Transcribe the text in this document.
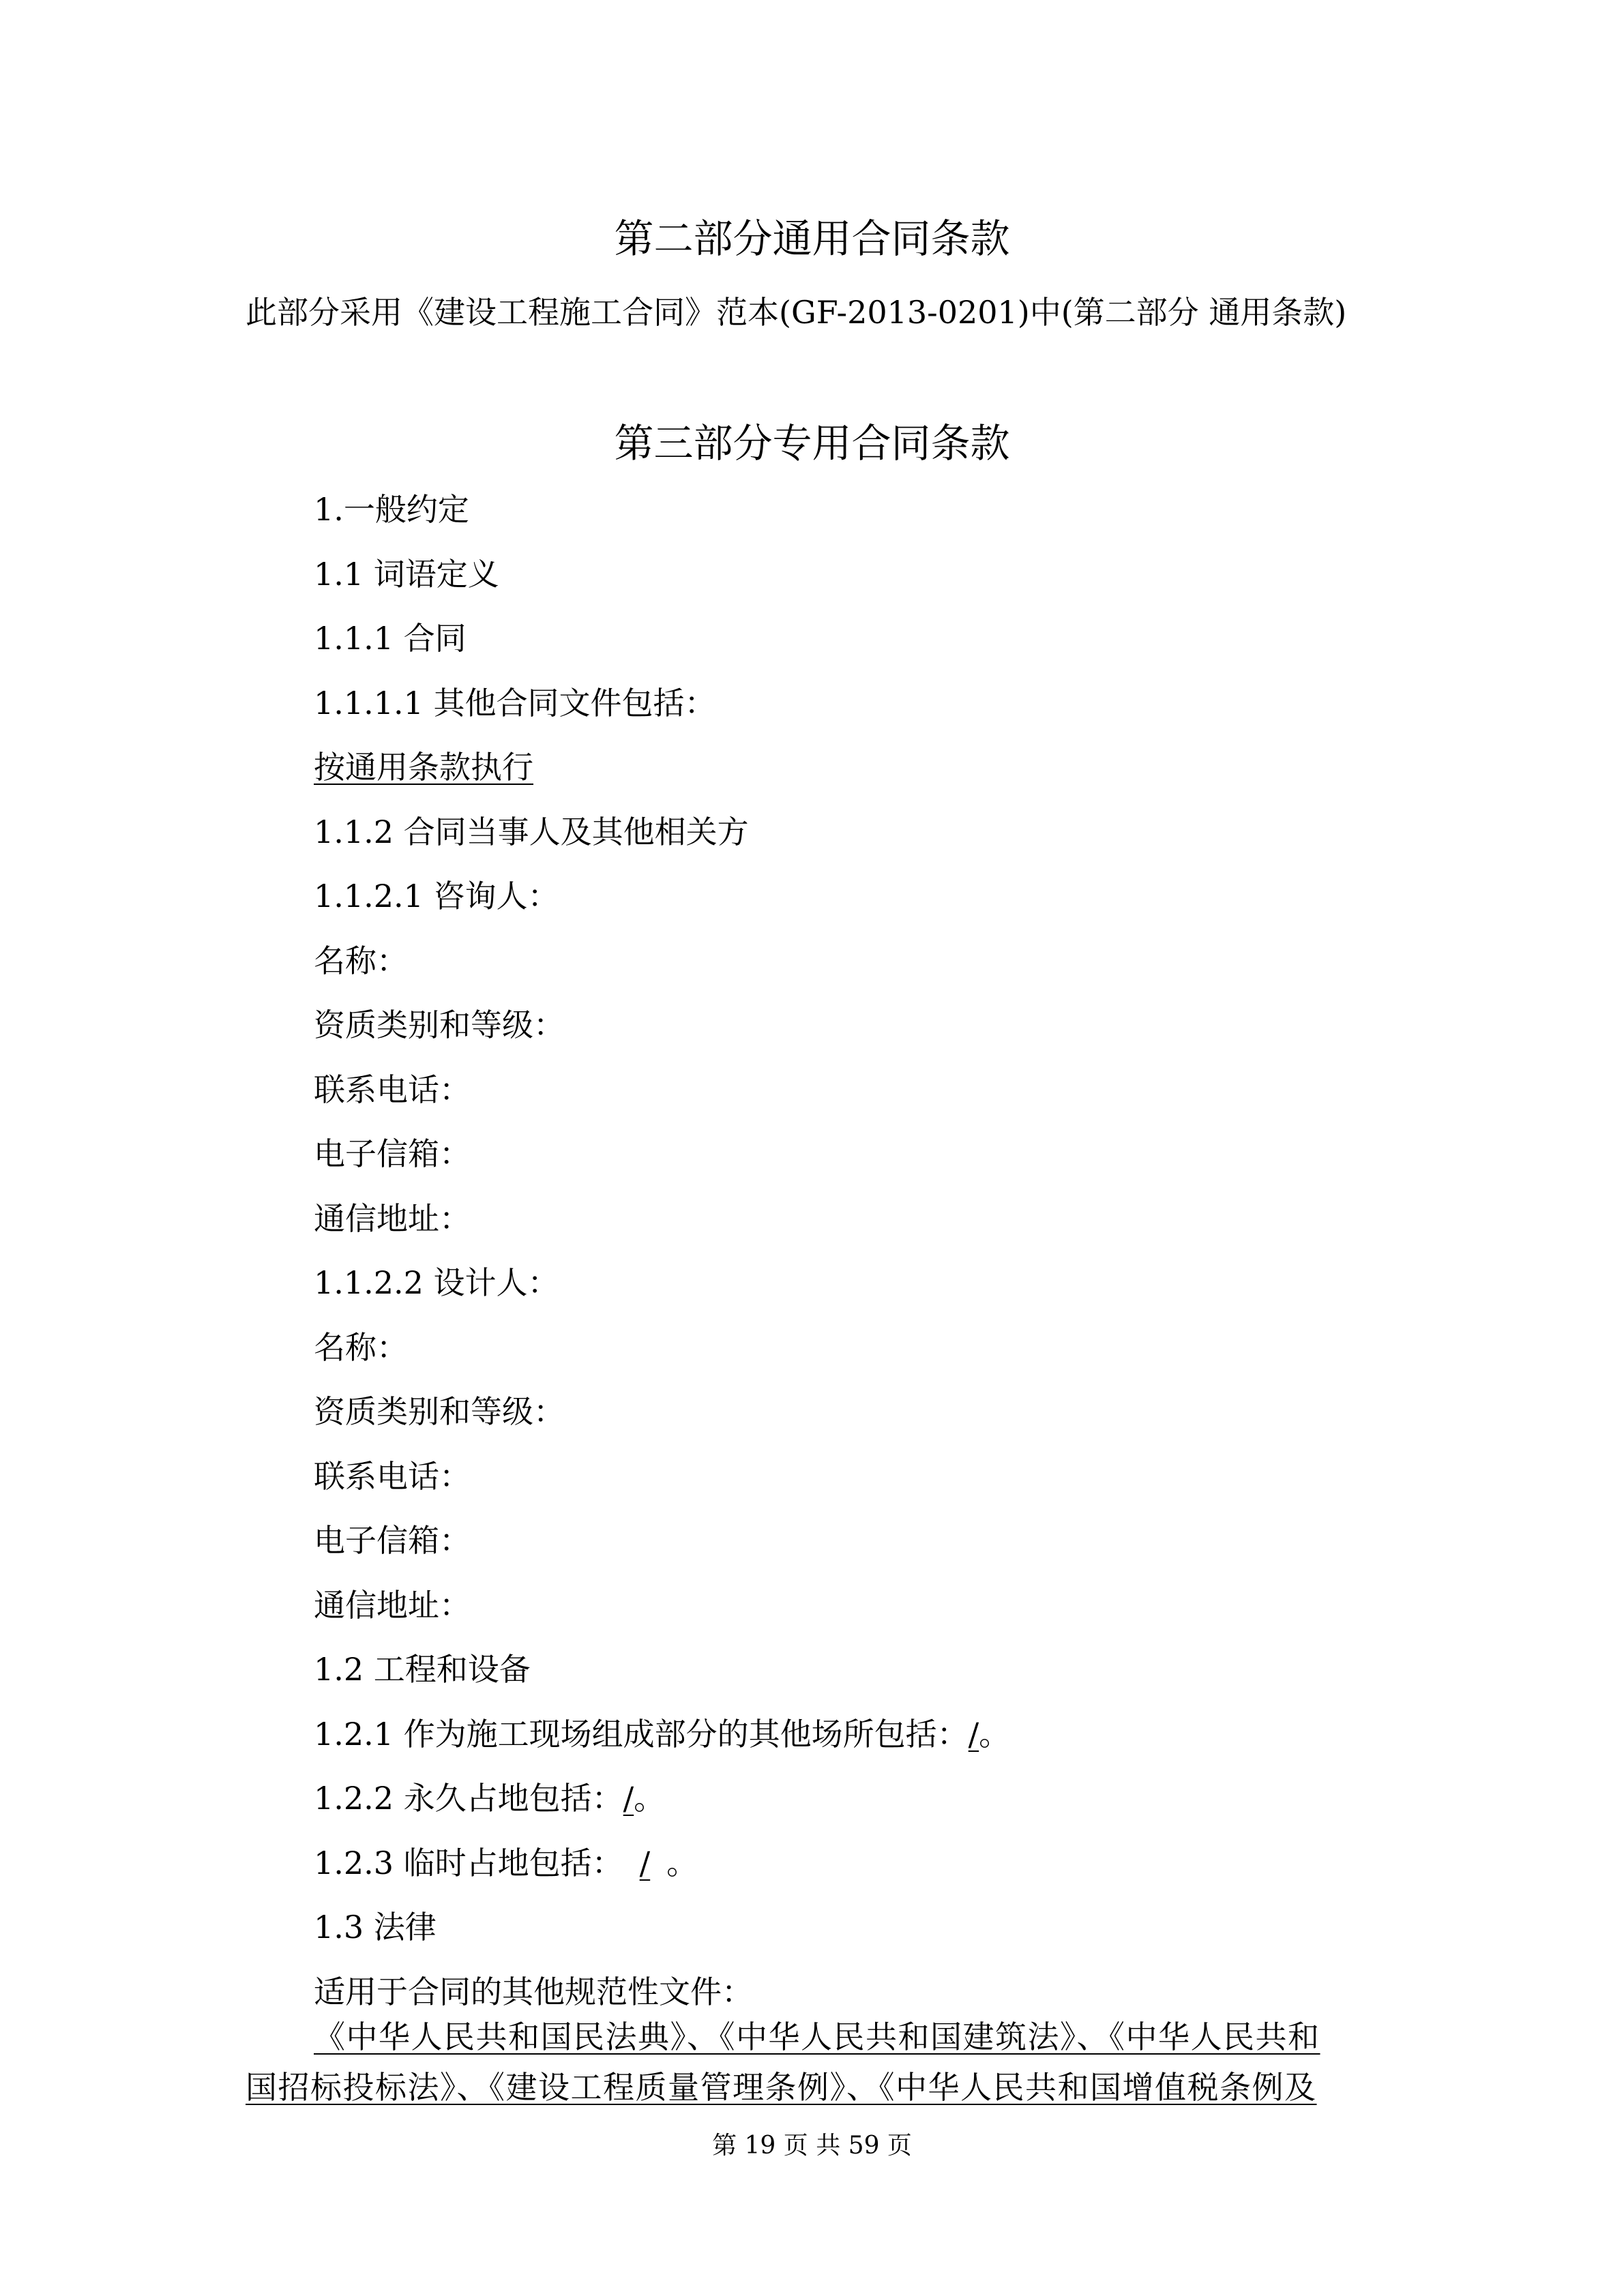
第二部分通用合同条款
此部分采用《建设工程施工合同》范本(GF-2013-0201)中(第二部分 通用条款)
第三部分专用合同条款
1.一般约定
1.1 词语定义
1.1.1 合同
1.1.1.1 其他合同文件包括：
按通用条款执行
1.1.2 合同当事人及其他相关方
1.1.2.1 咨询人：
名称：
资质类别和等级：
联系电话：
电子信箱：
通信地址：
1.1.2.2 设计人：
名称：
资质类别和等级：
联系电话：
电子信箱：
通信地址：
1.2 工程和设备
1.2.1 作为施工现场组成部分的其他场所包括：/。
1.2.2 永久占地包括：/。
1.2.3 临时占地包括： / 。
1.3 法律
适用于合同的其他规范性文件：
《中华人民共和国民法典》、《中华人民共和国建筑法》、《中华人民共和
国招标投标法》、《建设工程质量管理条例》、《中华人民共和国增值税条例及
第 19 页 共 59 页
